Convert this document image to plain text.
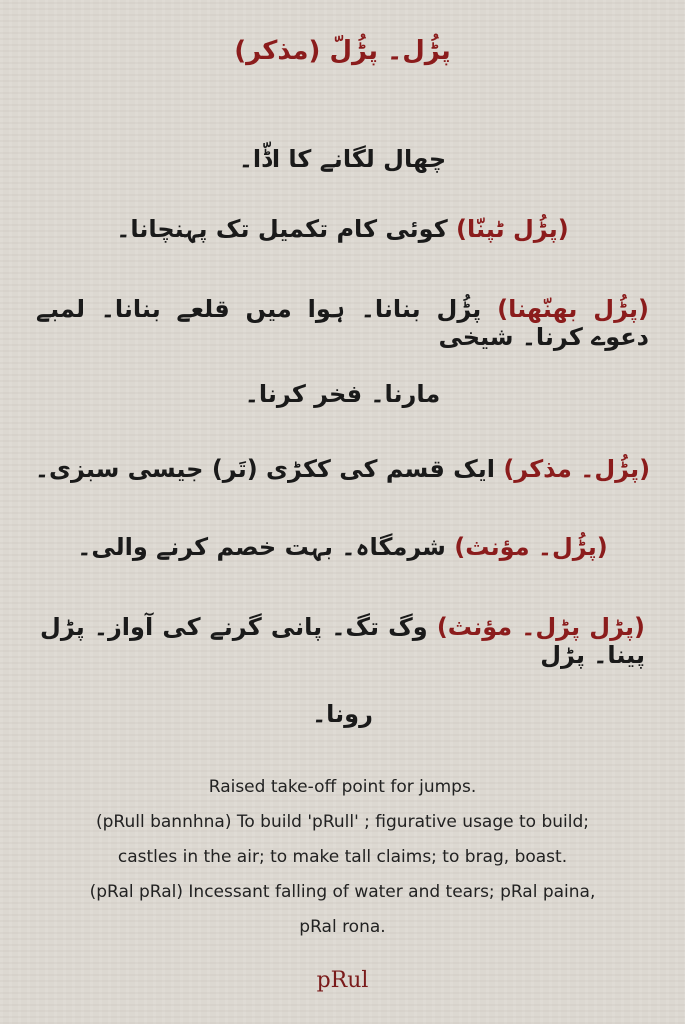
پڑُل۔ پڑُلّ (مذکر)
چھال لگانے کا اڈّا۔
(پڑُل ٹپنّا) کوئی کام تکمیل تک پہنچانا۔
(پڑُل بھنّھنا) پڑُل بنانا۔ ہوا میں قلعے بنانا۔ لمبے دعوے کرنا۔ شیخی
مارنا۔ فخر کرنا۔
(پڑُل۔ مذکر) ایک قسم کی ککڑی (تَر) جیسی سبزی۔
(پڑُل۔ مؤنث) شرمگاہ۔ بہت خصم کرنے والی۔
(پڑل پڑل۔ مؤنث) وگ تگ۔ پانی گرنے کی آواز۔ پڑل پینا۔ پڑل
رونا۔
Raised take-off point for jumps.
(pRull bannhna) To build 'pRull' ; figurative usage to build;
castles in the air; to make tall claims; to brag, boast.
(pRal pRal) Incessant falling of water and tears; pRal paina,
pRal rona.
pRul
